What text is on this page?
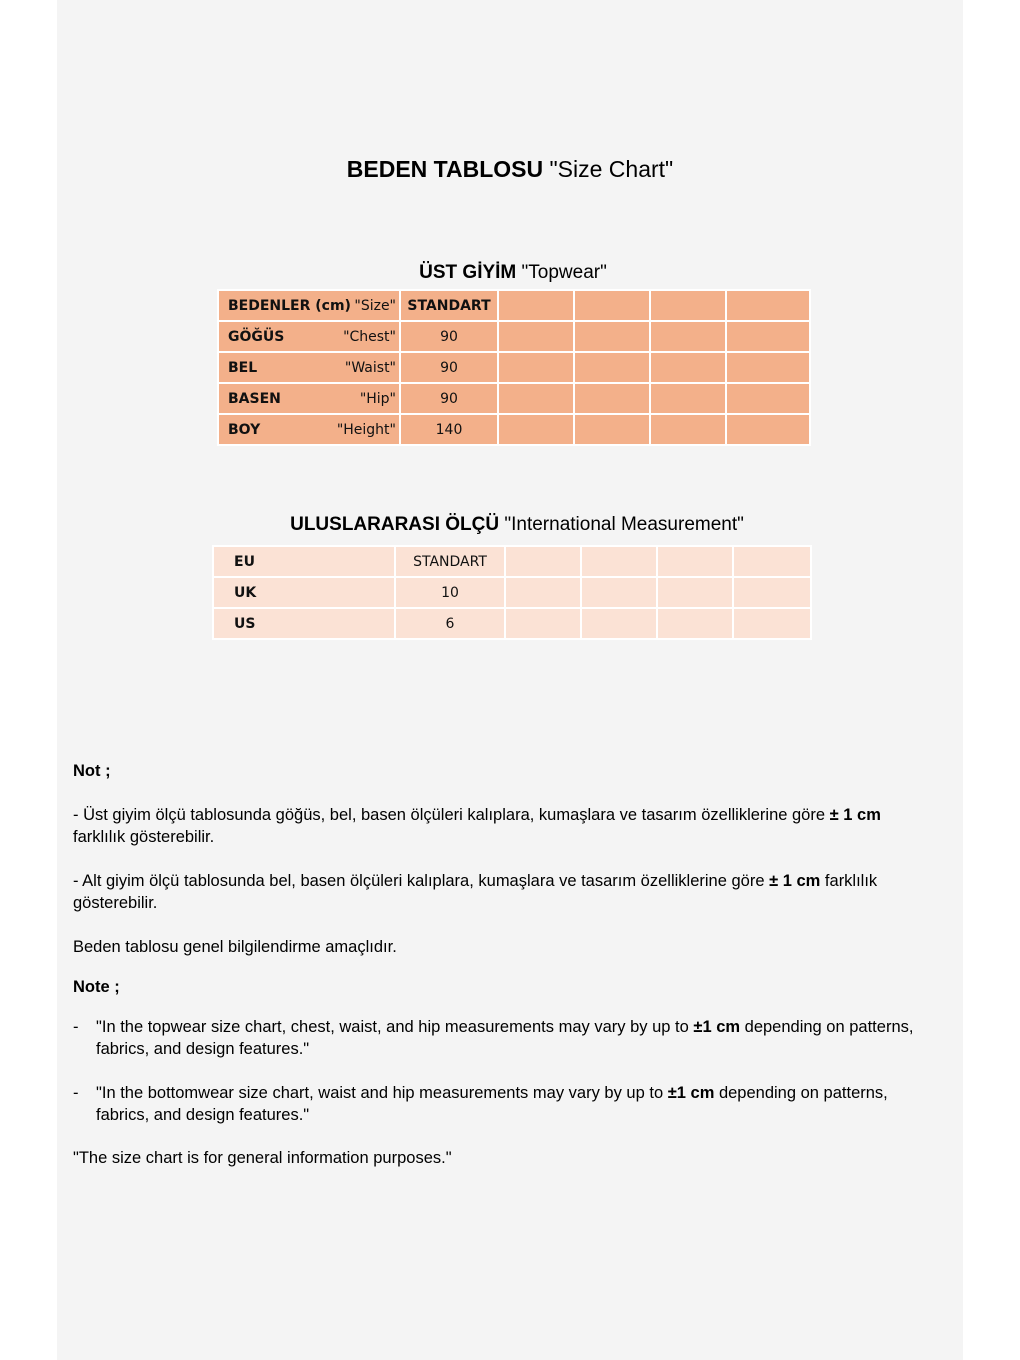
BEDEN TABLOSU "Size Chart"
ÜST GİYİM "Topwear"
BEDENLER (cm) "Size"	STANDART				

GÖĞÜS "Chest"	90				

BEL "Waist"	90				

BASEN "Hip"	90				

BOY "Height"	140				
ULUSLARARASI ÖLÇÜ "International Measurement"
EU	STANDART				
UK	10				
US	6				

Not ;

- Üst giyim ölçü tablosunda göğüs, bel, basen ölçüleri kalıplara, kumaşlara ve tasarım özelliklerine göre ± 1 cm farklılık gösterebilir.

- Alt giyim ölçü tablosunda bel, basen ölçüleri kalıplara, kumaşlara ve tasarım özelliklerine göre ± 1 cm farklılık gösterebilir.

Beden tablosu genel bilgilendirme amaçlıdır.

Note ;

-	"In the topwear size chart, chest, waist, and hip measurements may vary by up to ±1 cm depending on patterns, fabrics, and design features."
-	"In the bottomwear size chart, waist and hip measurements may vary by up to ±1 cm depending on patterns, fabrics, and design features."

"The size chart is for general information purposes."
